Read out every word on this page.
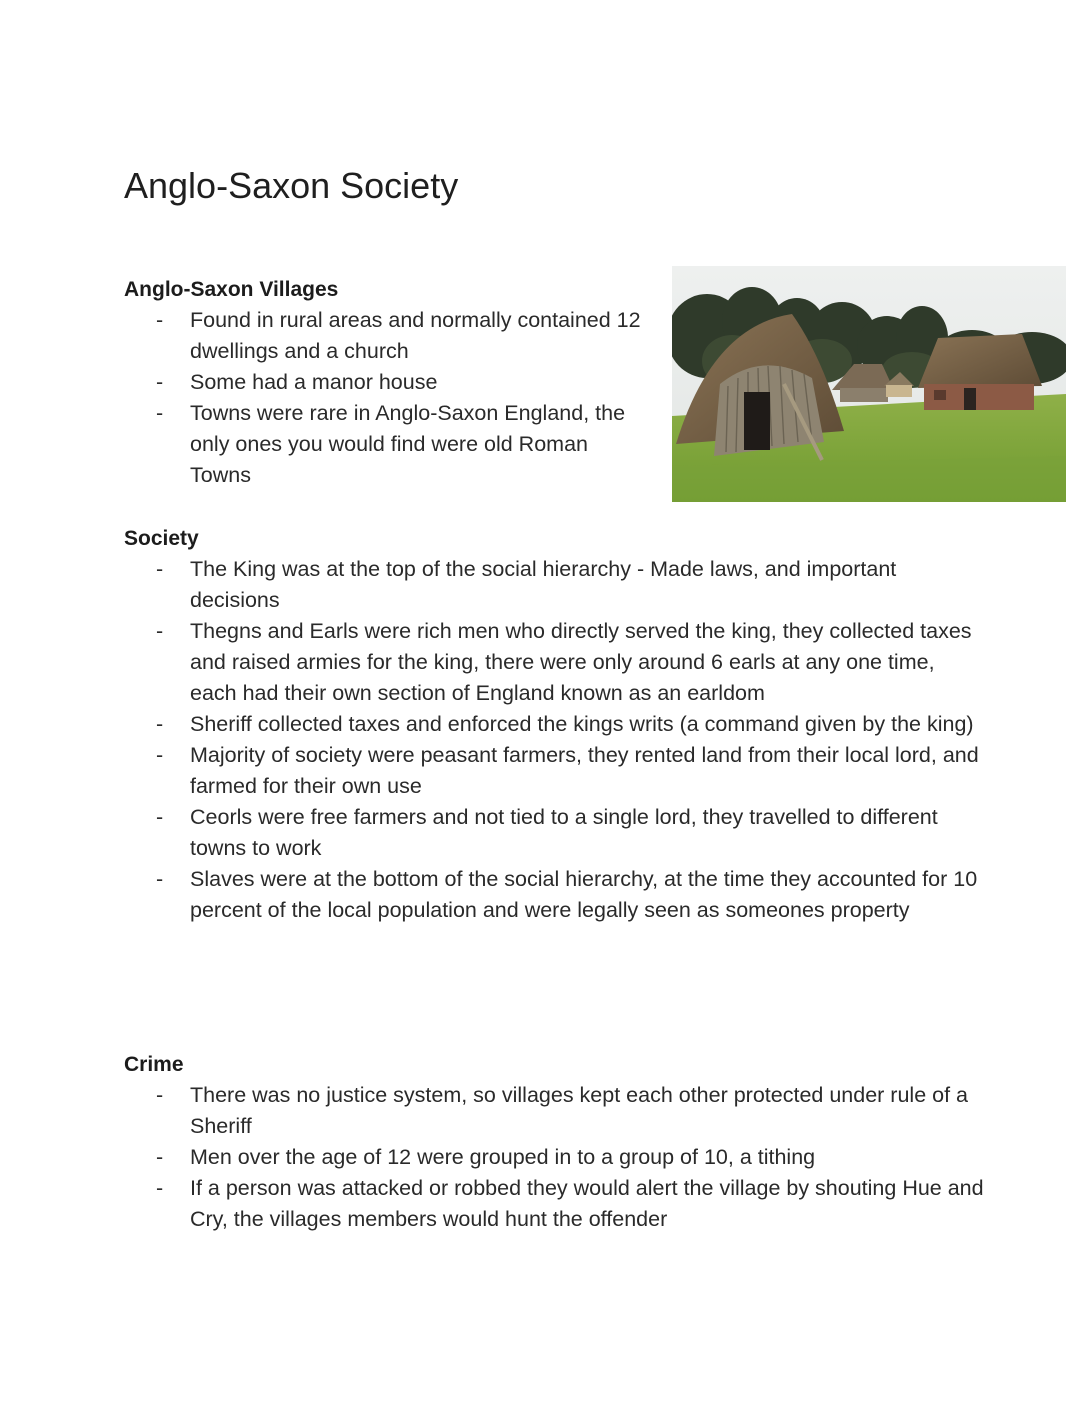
Anglo-Saxon Society
Anglo-Saxon Villages
- Found in rural areas and normally contained 12 dwellings and a church
- Some had a manor house
- Towns were rare in Anglo-Saxon England, the only ones you would find were old Roman Towns
Society
- The King was at the top of the social hierarchy - Made laws, and important decisions
- Thegns and Earls were rich men who directly served the king, they collected taxes and raised armies for the king, there were only around 6 earls at any one time, each had their own section of England known as an earldom
- Sheriff collected taxes and enforced the kings writs (a command given by the king)
- Majority of society were peasant farmers, they rented land from their local lord, and farmed for their own use
- Ceorls were free farmers and not tied to a single lord, they travelled to different towns to work
- Slaves were at the bottom of the social hierarchy, at the time they accounted for 10 percent of the local population and were legally seen as someones property
Crime
- There was no justice system, so villages kept each other protected under rule of a Sheriff
- Men over the age of 12 were grouped in to a group of 10, a tithing
- If a person was attacked or robbed they would alert the village by shouting Hue and Cry, the villages members would hunt the offender
